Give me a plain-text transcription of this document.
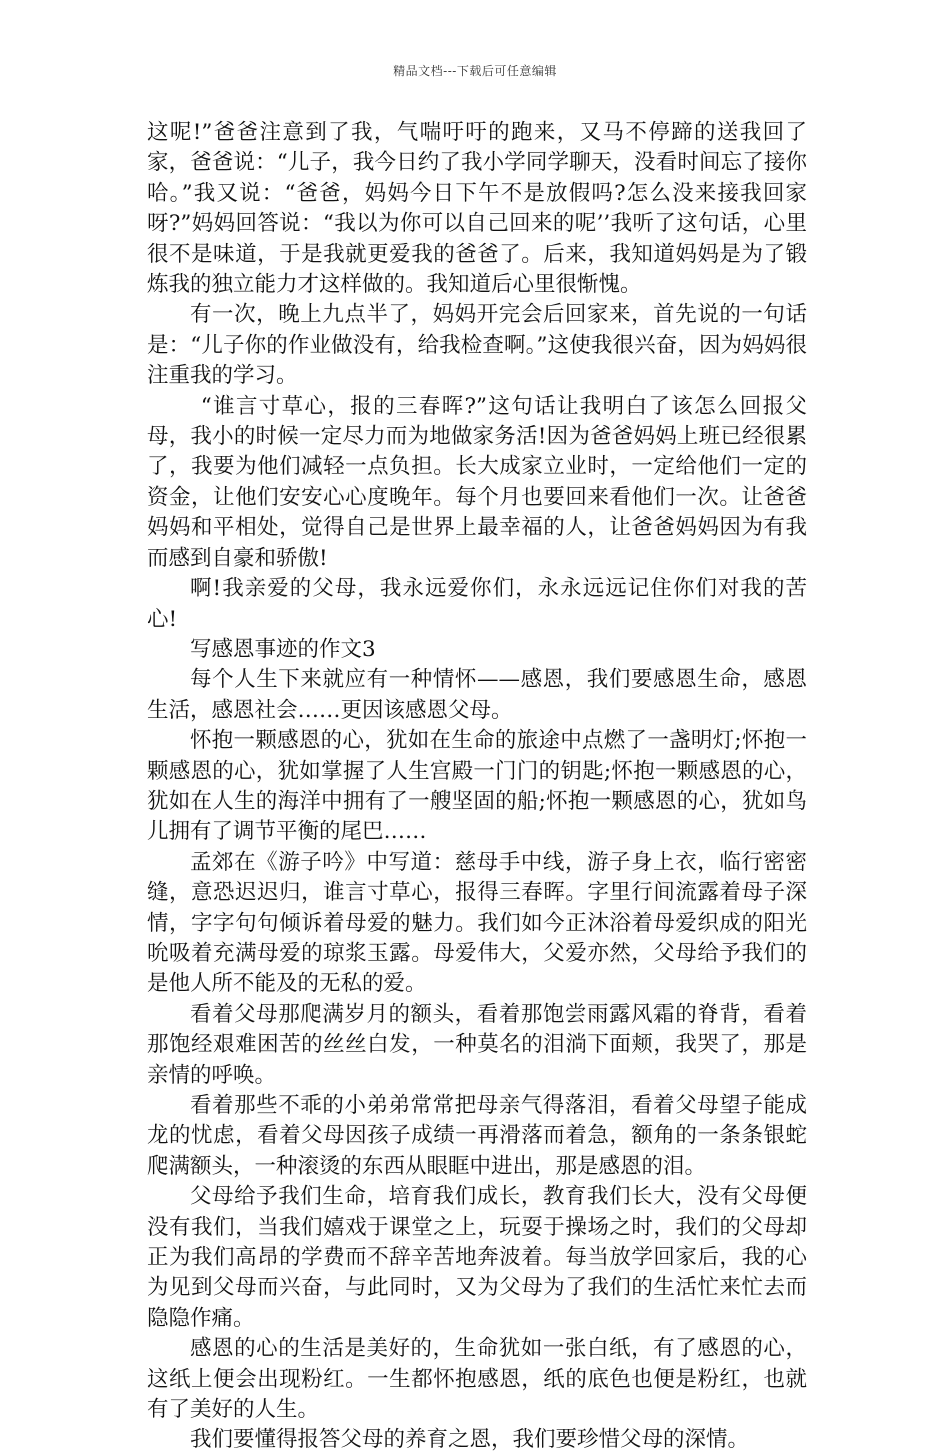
精品文档---下载后可任意编辑

这呢!”爸爸注意到了我，气喘吁吁的跑来，又马不停蹄的送我回了家，爸爸说：“儿子，我今日约了我小学同学聊天，没看时间忘了接你哈。”我又说：“爸爸，妈妈今日下午不是放假吗?怎么没来接我回家呀?”妈妈回答说：“我以为你可以自己回来的呢’’我听了这句话，心里很不是味道，于是我就更爱我的爸爸了。后来，我知道妈妈是为了锻炼我的独立能力才这样做的。我知道后心里很惭愧。

有一次，晚上九点半了，妈妈开完会后回家来，首先说的一句话是：“儿子你的作业做没有，给我检查啊。”这使我很兴奋，因为妈妈很注重我的学习。

“谁言寸草心，报的三春晖?”这句话让我明白了该怎么回报父母，我小的时候一定尽力而为地做家务活!因为爸爸妈妈上班已经很累了，我要为他们减轻一点负担。长大成家立业时，一定给他们一定的资金，让他们安安心心度晚年。每个月也要回来看他们一次。让爸爸妈妈和平相处，觉得自己是世界上最幸福的人，让爸爸妈妈因为有我而感到自豪和骄傲!

啊!我亲爱的父母，我永远爱你们，永永远远记住你们对我的苦心!

写感恩事迹的作文3

每个人生下来就应有一种情怀——感恩，我们要感恩生命，感恩生活，感恩社会……更因该感恩父母。

怀抱一颗感恩的心，犹如在生命的旅途中点燃了一盏明灯;怀抱一颗感恩的心，犹如掌握了人生宫殿一门门的钥匙;怀抱一颗感恩的心，犹如在人生的海洋中拥有了一艘坚固的船;怀抱一颗感恩的心，犹如鸟儿拥有了调节平衡的尾巴……

孟郊在《游子吟》中写道：慈母手中线，游子身上衣，临行密密缝，意恐迟迟归，谁言寸草心，报得三春晖。字里行间流露着母子深情，字字句句倾诉着母爱的魅力。我们如今正沐浴着母爱织成的阳光吮吸着充满母爱的琼浆玉露。母爱伟大，父爱亦然，父母给予我们的是他人所不能及的无私的爱。

看着父母那爬满岁月的额头，看着那饱尝雨露风霜的脊背，看着那饱经艰难困苦的丝丝白发，一种莫名的泪淌下面颊，我哭了，那是亲情的呼唤。

看着那些不乖的小弟弟常常把母亲气得落泪，看着父母望子能成龙的忧虑，看着父母因孩子成绩一再滑落而着急，额角的一条条银蛇爬满额头，一种滚烫的东西从眼眶中进出，那是感恩的泪。

父母给予我们生命，培育我们成长，教育我们长大，没有父母便没有我们，当我们嬉戏于课堂之上，玩耍于操场之时，我们的父母却正为我们高昂的学费而不辞辛苦地奔波着。每当放学回家后，我的心为见到父母而兴奋，与此同时，又为父母为了我们的生活忙来忙去而隐隐作痛。

感恩的心的生活是美好的，生命犹如一张白纸，有了感恩的心，这纸上便会出现粉红。一生都怀抱感恩，纸的底色也便是粉红，也就有了美好的人生。

我们要懂得报答父母的养育之恩，我们要珍惜父母的深情。
